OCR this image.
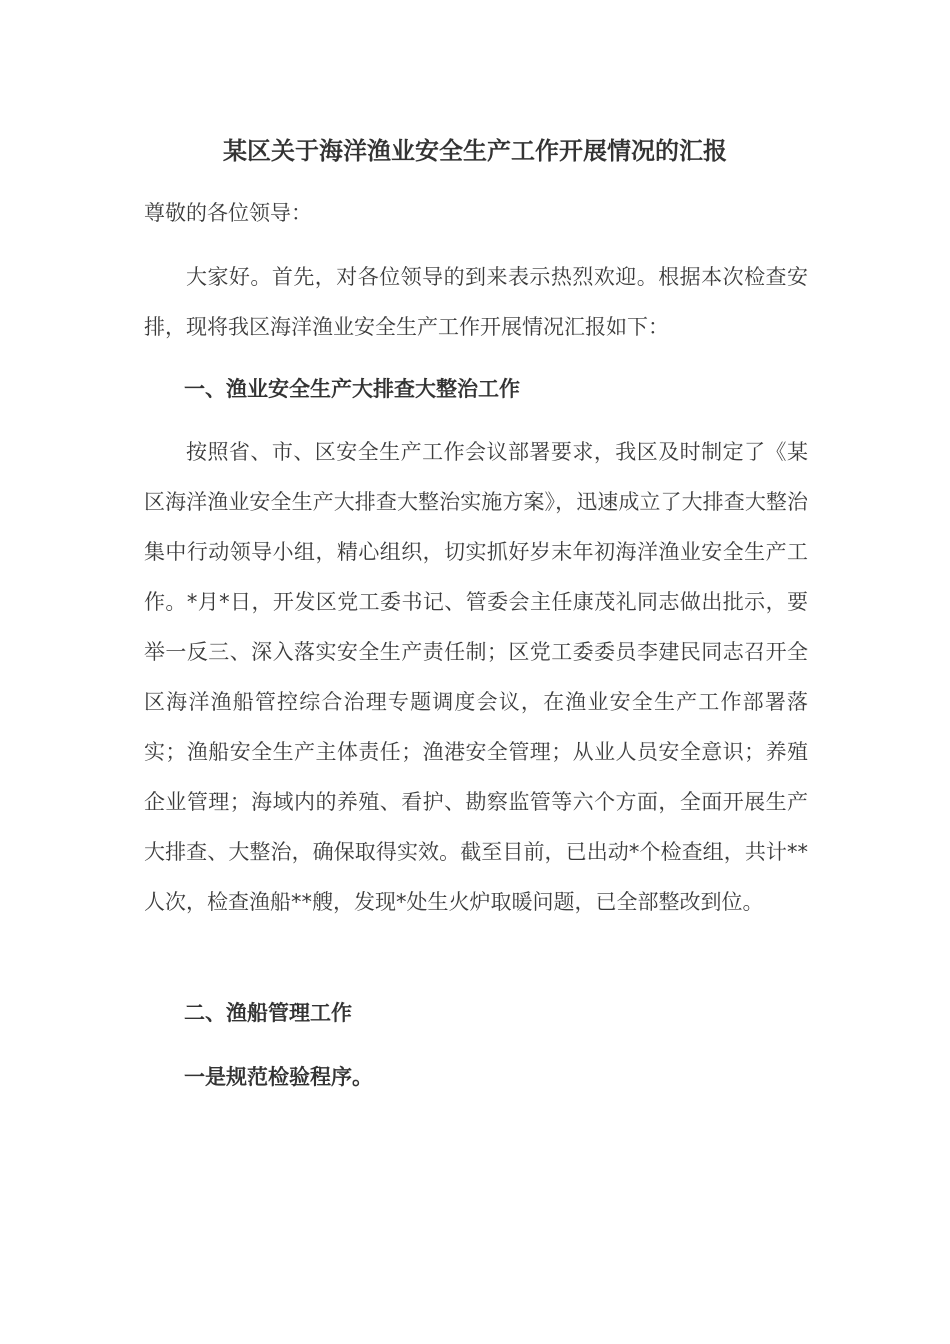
某区关于海洋渔业安全生产工作开展情况的汇报
尊敬的各位领导：

大家好。首先，对各位领导的到来表示热烈欢迎。根据本次检查安排，现将我区海洋渔业安全生产工作开展情况汇报如下：

一、渔业安全生产大排查大整治工作

按照省、市、区安全生产工作会议部署要求，我区及时制定了《某区海洋渔业安全生产大排查大整治实施方案》，迅速成立了大排查大整治集中行动领导小组，精心组织，切实抓好岁末年初海洋渔业安全生产工作。*月*日，开发区党工委书记、管委会主任康茂礼同志做出批示，要举一反三、深入落实安全生产责任制；区党工委委员李建民同志召开全区海洋渔船管控综合治理专题调度会议，在渔业安全生产工作部署落实；渔船安全生产主体责任；渔港安全管理；从业人员安全意识；养殖企业管理；海域内的养殖、看护、勘察监管等六个方面，全面开展生产大排查、大整治，确保取得实效。截至目前，已出动*个检查组，共计**人次，检查渔船**艘，发现*处生火炉取暖问题，已全部整改到位。

二、渔船管理工作
一是规范检验程序。
